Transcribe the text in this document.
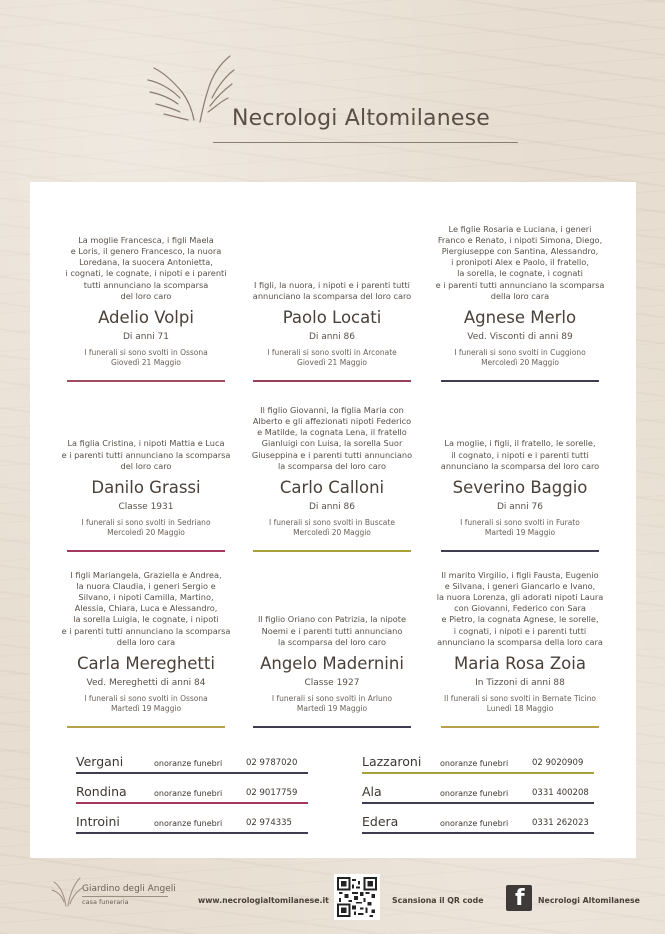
Necrologi Altomilanese
La moglie Francesca, i figli Maela
e Loris, il genero Francesco, la nuora
Loredana, la suocera Antonietta,
i cognati, le cognate, i nipoti e i parenti
tutti annunciano la scomparsa
del loro caro
Adelio Volpi
Di anni 71
I funerali si sono svolti in Ossona
Giovedì 21 Maggio
I figli, la nuora, i nipoti e i parenti tutti
annunciano la scomparsa del loro caro
Paolo Locati
Di anni 86
I funerali si sono svolti in Arconate
Giovedì 21 Maggio
Le figlie Rosaria e Luciana, i generi
Franco e Renato, i nipoti Simona, Diego,
Piergiuseppe con Santina, Alessandro,
i pronipoti Alex e Paolo, il fratello,
la sorella, le cognate, i cognati
e i parenti tutti annunciano la scomparsa
della loro cara
Agnese Merlo
Ved. Visconti di anni 89
I funerali si sono svolti in Cuggiono
Mercoledì 20 Maggio
La figlia Cristina, i nipoti Mattia e Luca
e i parenti tutti annunciano la scomparsa
del loro caro
Danilo Grassi
Classe 1931
I funerali si sono svolti in Sedriano
Mercoledì 20 Maggio
Il figlio Giovanni, la figlia Maria con
Alberto e gli affezionati nipoti Federico
e Matilde, la cognata Lena, il fratello
Gianluigi con Luisa, la sorella Suor
Giuseppina e i parenti tutti annunciano
la scomparsa del loro caro
Carlo Calloni
Di anni 86
I funerali si sono svolti in Buscate
Mercoledì 20 Maggio
La moglie, i figli, il fratello, le sorelle,
il cognato, i nipoti e i parenti tutti
annunciano la scomparsa del loro caro
Severino Baggio
Di anni 76
I funerali si sono svolti in Furato
Martedì 19 Maggio
I figli Mariangela, Graziella e Andrea,
la nuora Claudia, i generi Sergio e
Silvano, i nipoti Camilla, Martino,
Alessia, Chiara, Luca e Alessandro,
la sorella Luigia, le cognate, i nipoti
e i parenti tutti annunciano la scomparsa
della loro cara
Carla Mereghetti
Ved. Mereghetti di anni 84
I funerali si sono svolti in Ossona
Martedì 19 Maggio
Il figlio Oriano con Patrizia, la nipote
Noemi e i parenti tutti annunciano
la scomparsa del loro caro
Angelo Madernini
Classe 1927
I funerali si sono svolti in Arluno
Martedì 19 Maggio
Il marito Virgilio, i figli Fausta, Eugenio
e Silvana, i generi Giancarlo e Ivano,
la nuora Lorenza, gli adorati nipoti Laura
con Giovanni, Federico con Sara
e Pietro, la cognata Agnese, le sorelle,
i cognati, i nipoti e i parenti tutti
annunciano la scomparsa della loro cara
Maria Rosa Zoia
In Tizzoni di anni 88
Il funerali si sono svolti in Bernate Ticino
Lunedì 18 Maggio
Vergani	onoranze funebri	02 9787020	Lazzaroni	onoranze funebri	02 9020909
Rondina	onoranze funebri	02 9017759	Ala	onoranze funebri	0331 400208
Introini	onoranze funebri	02 974335	Edera	onoranze funebri	0331 262023
Giardino degli Angeli
casa funeraria	www.necrologialtomilanese.it	Scansiona il QR code f Necrologi Altomilanese
